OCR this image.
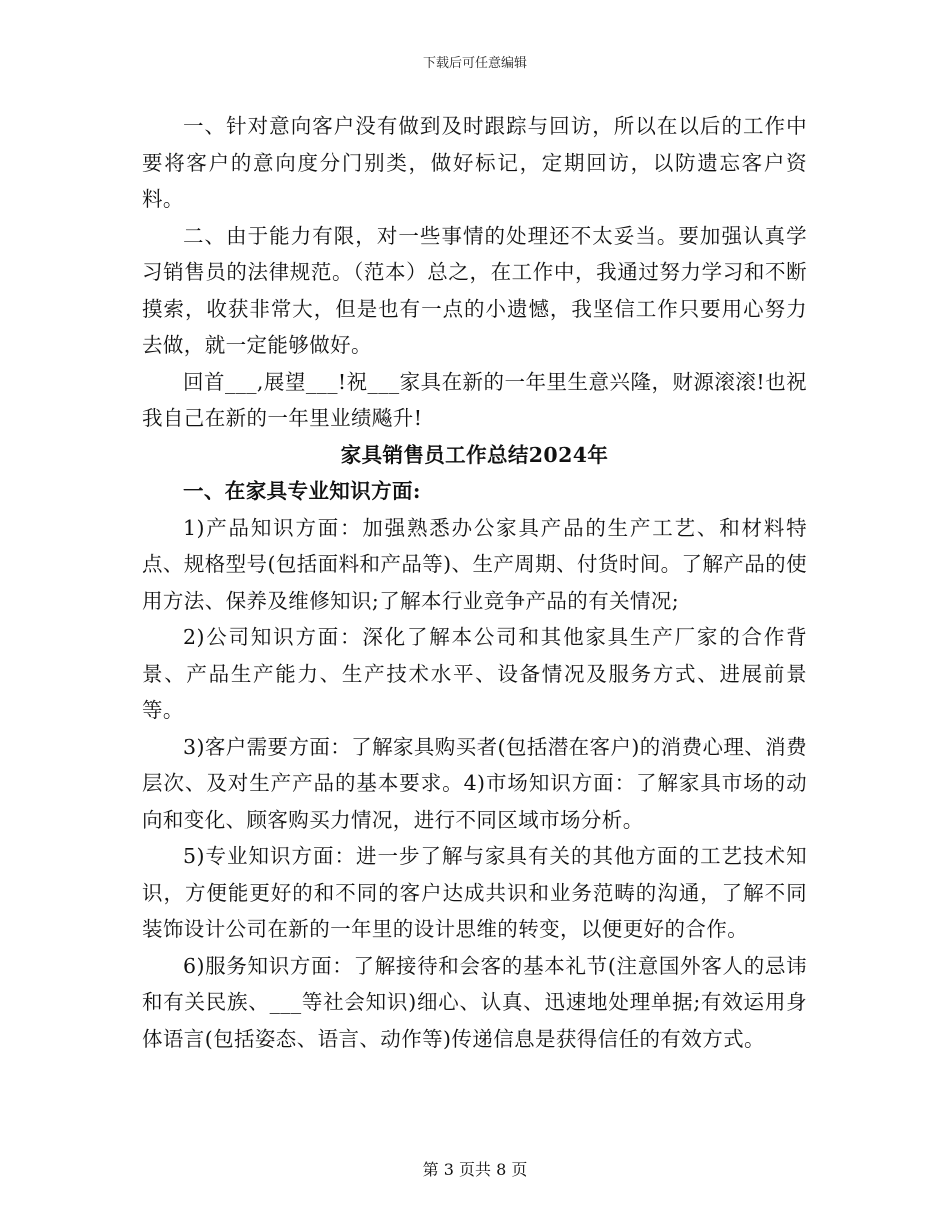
下载后可任意编辑

一、针对意向客户没有做到及时跟踪与回访，所以在以后的工作中要将客户的意向度分门别类，做好标记，定期回访，以防遗忘客户资料。

二、由于能力有限，对一些事情的处理还不太妥当。要加强认真学习销售员的法律规范。（范本）总之，在工作中，我通过努力学习和不断摸索，收获非常大，但是也有一点的小遗憾，我坚信工作只要用心努力去做，就一定能够做好。

回首___,展望___!祝___家具在新的一年里生意兴隆，财源滚滚!也祝我自己在新的一年里业绩飚升!

家具销售员工作总结2024年
一、在家具专业知识方面:

1)产品知识方面：加强熟悉办公家具产品的生产工艺、和材料特点、规格型号(包括面料和产品等)、生产周期、付货时间。了解产品的使用方法、保养及维修知识;了解本行业竞争产品的有关情况;

2)公司知识方面：深化了解本公司和其他家具生产厂家的合作背景、产品生产能力、生产技术水平、设备情况及服务方式、进展前景等。

3)客户需要方面：了解家具购买者(包括潜在客户)的消费心理、消费层次、及对生产产品的基本要求。4)市场知识方面：了解家具市场的动向和变化、顾客购买力情况，进行不同区域市场分析。

5)专业知识方面：进一步了解与家具有关的其他方面的工艺技术知识，方便能更好的和不同的客户达成共识和业务范畴的沟通，了解不同装饰设计公司在新的一年里的设计思维的转变，以便更好的合作。

6)服务知识方面：了解接待和会客的基本礼节(注意国外客人的忌讳和有关民族、___等社会知识)细心、认真、迅速地处理单据;有效运用身体语言(包括姿态、语言、动作等)传递信息是获得信任的有效方式。

第 3 页共 8 页
